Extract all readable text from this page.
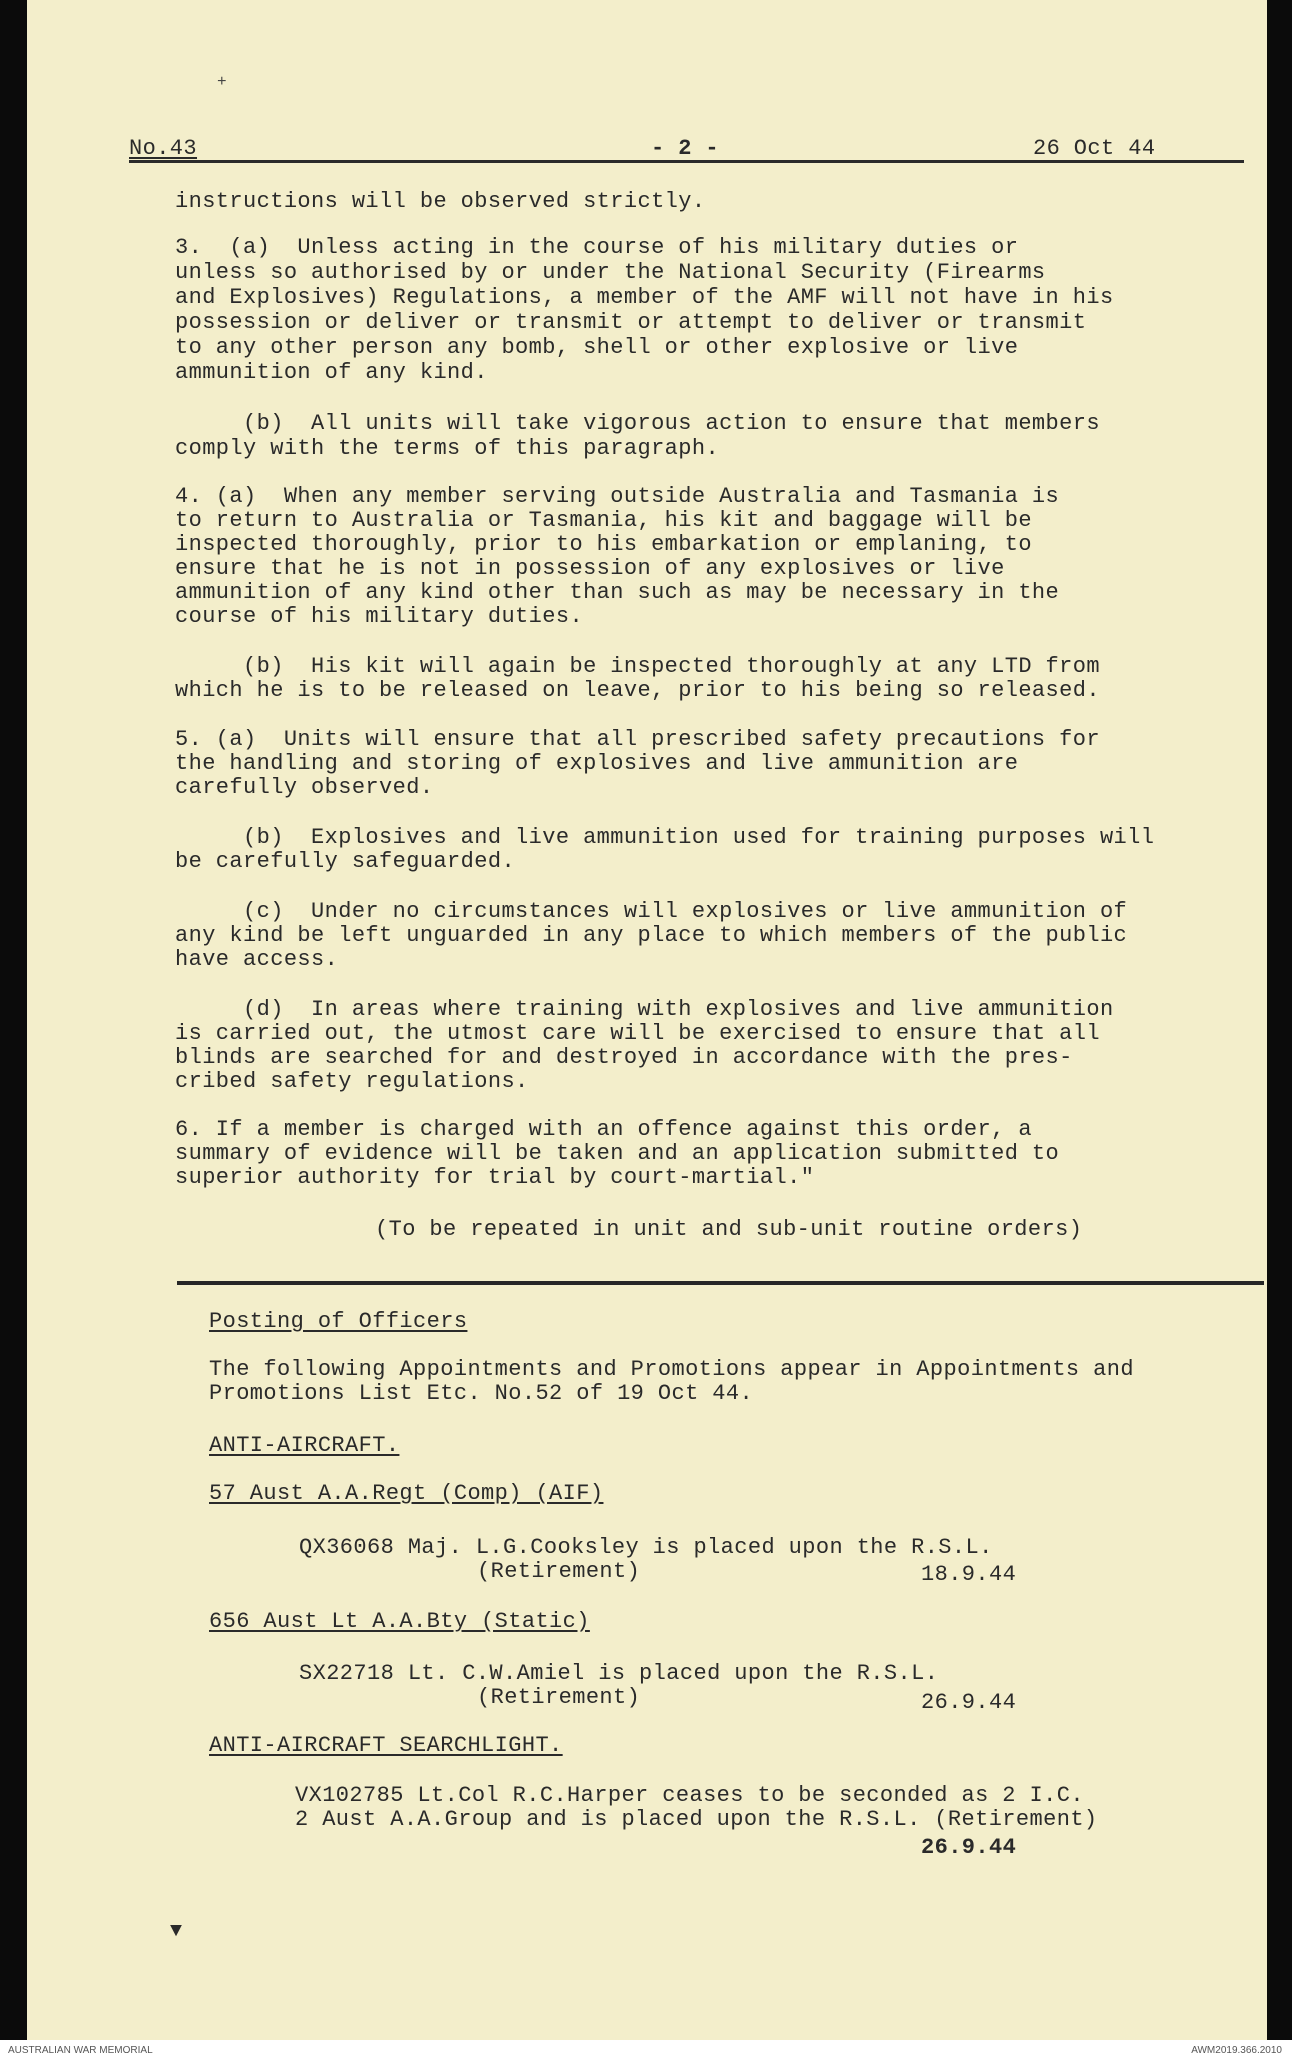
+
No.43	- 2 -	26 Oct 44
instructions will be observed strictly.
3.  (a)  Unless acting in the course of his military duties or
unless so authorised by or under the National Security (Firearms
and Explosives) Regulations, a member of the AMF will not have in his
possession or deliver or transmit or attempt to deliver or transmit
to any other person any bomb, shell or other explosive or live
ammunition of any kind.
(b)  All units will take vigorous action to ensure that members
comply with the terms of this paragraph.
4. (a)  When any member serving outside Australia and Tasmania is
to return to Australia or Tasmania, his kit and baggage will be
inspected thoroughly, prior to his embarkation or emplaning, to
ensure that he is not in possession of any explosives or live
ammunition of any kind other than such as may be necessary in the
course of his military duties.
(b)  His kit will again be inspected thoroughly at any LTD from
which he is to be released on leave, prior to his being so released.
5. (a)  Units will ensure that all prescribed safety precautions for
the handling and storing of explosives and live ammunition are
carefully observed.
(b)  Explosives and live ammunition used for training purposes will
be carefully safeguarded.
(c)  Under no circumstances will explosives or live ammunition of
any kind be left unguarded in any place to which members of the public
have access.
(d)  In areas where training with explosives and live ammunition
is carried out, the utmost care will be exercised to ensure that all
blinds are searched for and destroyed in accordance with the pres-
cribed safety regulations.
6. If a member is charged with an offence against this order, a
summary of evidence will be taken and an application submitted to
superior authority for trial by court-martial."
(To be repeated in unit and sub-unit routine orders)
Posting of Officers
The following Appointments and Promotions appear in Appointments and
Promotions List Etc. No.52 of 19 Oct 44.
ANTI-AIRCRAFT.
57 Aust A.A.Regt (Comp) (AIF)
QX36068 Maj. L.G.Cooksley is placed upon the R.S.L.
(Retirement)	18.9.44
656 Aust Lt A.A.Bty (Static)
SX22718 Lt. C.W.Amiel is placed upon the R.S.L.
(Retirement)	26.9.44
ANTI-AIRCRAFT SEARCHLIGHT.
VX102785 Lt.Col R.C.Harper ceases to be seconded as 2 I.C.
2 Aust A.A.Group and is placed upon the R.S.L. (Retirement)
26.9.44
▼
AUSTRALIAN WAR MEMORIAL	AWM2019.366.2010
